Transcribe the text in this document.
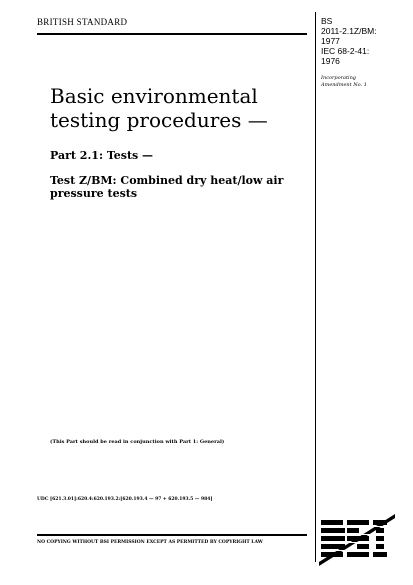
BRITISH STANDARD
Basic environmental
testing procedures —
Part 2.1: Tests —
Test Z/BM: Combined dry heat/low air
pressure tests
(This Part should be read in conjunction with Part 1: General)
UDC [621.3.01]:620.4:620.193.2:[620.193.4 — 97 + 620.193.5 — 984]
NO COPYING WITHOUT BSI PERMISSION EXCEPT AS PERMITTED BY COPYRIGHT LAW
BS
2011-2.1Z/BM:
1977
IEC 68-2-41:
1976
Incorporating
Amendment No. 1
